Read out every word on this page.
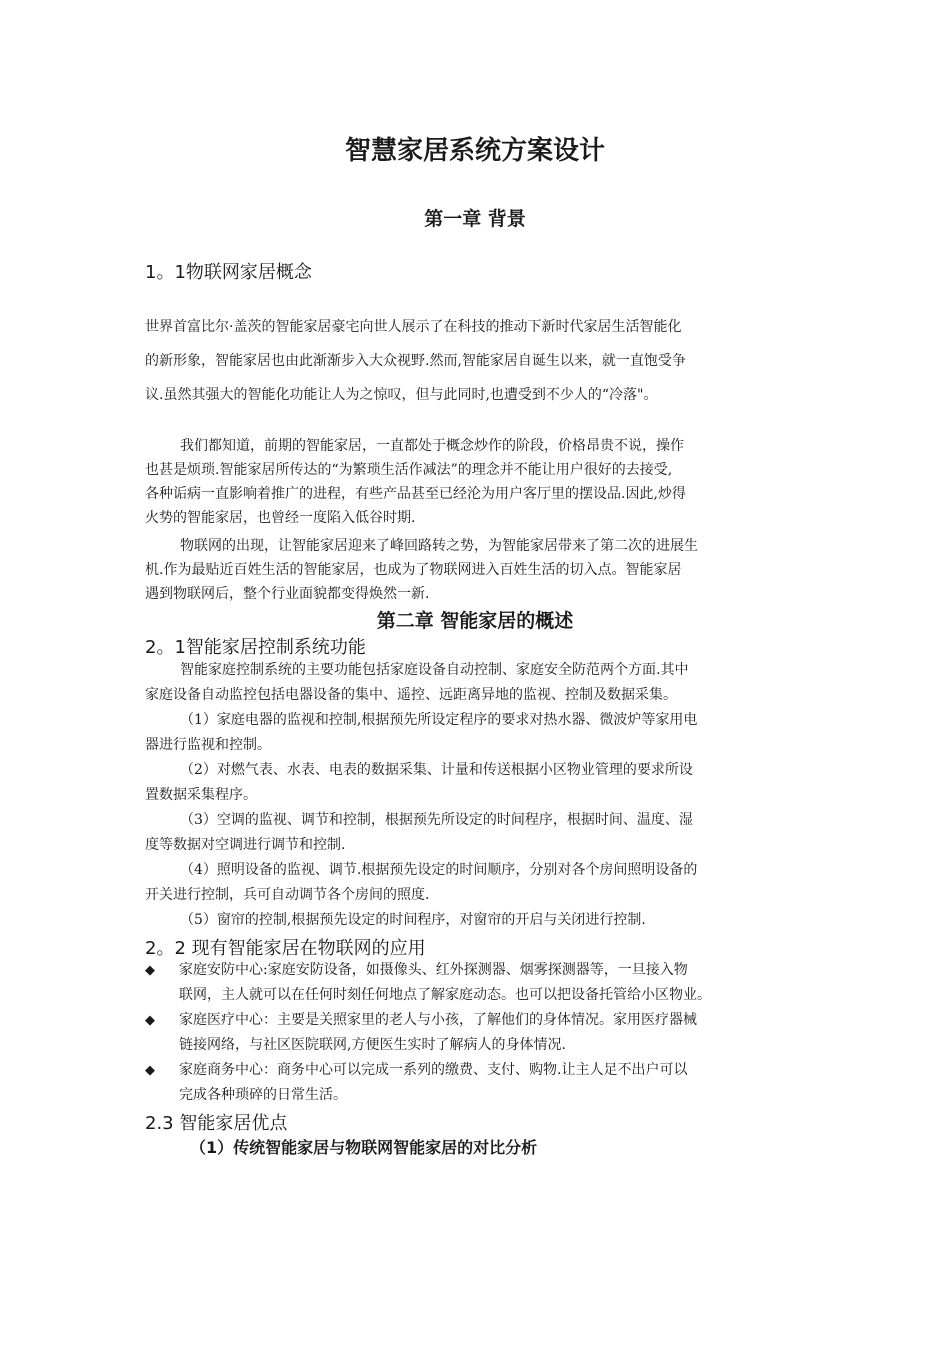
智慧家居系统方案设计
第一章 背景
1。1物联网家居概念
世界首富比尔·盖茨的智能家居豪宅向世人展示了在科技的推动下新时代家居生活智能化
的新形象，智能家居也由此渐渐步入大众视野.然而,智能家居自诞生以来，就一直饱受争
议.虽然其强大的智能化功能让人为之惊叹，但与此同时,也遭受到不少人的“冷落"。
我们都知道，前期的智能家居，一直都处于概念炒作的阶段，价格昂贵不说，操作
也甚是烦琐.智能家居所传达的“为繁琐生活作减法”的理念并不能让用户很好的去接受,
各种诟病一直影响着推广的进程，有些产品甚至已经沦为用户客厅里的摆设品.因此,炒得
火势的智能家居，也曾经一度陷入低谷时期.
物联网的出现，让智能家居迎来了峰回路转之势，为智能家居带来了第二次的进展生
机.作为最贴近百姓生活的智能家居，也成为了物联网进入百姓生活的切入点。智能家居
遇到物联网后，整个行业面貌都变得焕然一新.
第二章 智能家居的概述
2。1智能家居控制系统功能
智能家庭控制系统的主要功能包括家庭设备自动控制、家庭安全防范两个方面.其中
家庭设备自动监控包括电器设备的集中、遥控、远距离异地的监视、控制及数据采集。
（1）家庭电器的监视和控制,根据预先所设定程序的要求对热水器、微波炉等家用电
器进行监视和控制。
（2）对燃气表、水表、电表的数据采集、计量和传送根据小区物业管理的要求所设
置数据采集程序。
（3）空调的监视、调节和控制，根据预先所设定的时间程序，根据时间、温度、湿
度等数据对空调进行调节和控制.
（4）照明设备的监视、调节.根据预先设定的时间顺序，分别对各个房间照明设备的
开关进行控制，兵可自动调节各个房间的照度.
（5）窗帘的控制,根据预先设定的时间程序，对窗帘的开启与关闭进行控制.
2。2 现有智能家居在物联网的应用
◆ 家庭安防中心:家庭安防设备，如摄像头、红外探测器、烟雾探测器等，一旦接入物
联网，主人就可以在任何时刻任何地点了解家庭动态。也可以把设备托管给小区物业。
◆ 家庭医疗中心：主要是关照家里的老人与小孩，了解他们的身体情况。家用医疗器械
链接网络，与社区医院联网,方便医生实时了解病人的身体情况.
◆ 家庭商务中心：商务中心可以完成一系列的缴费、支付、购物.让主人足不出户可以
完成各种琐碎的日常生活。
2.3 智能家居优点
（1）传统智能家居与物联网智能家居的对比分析
